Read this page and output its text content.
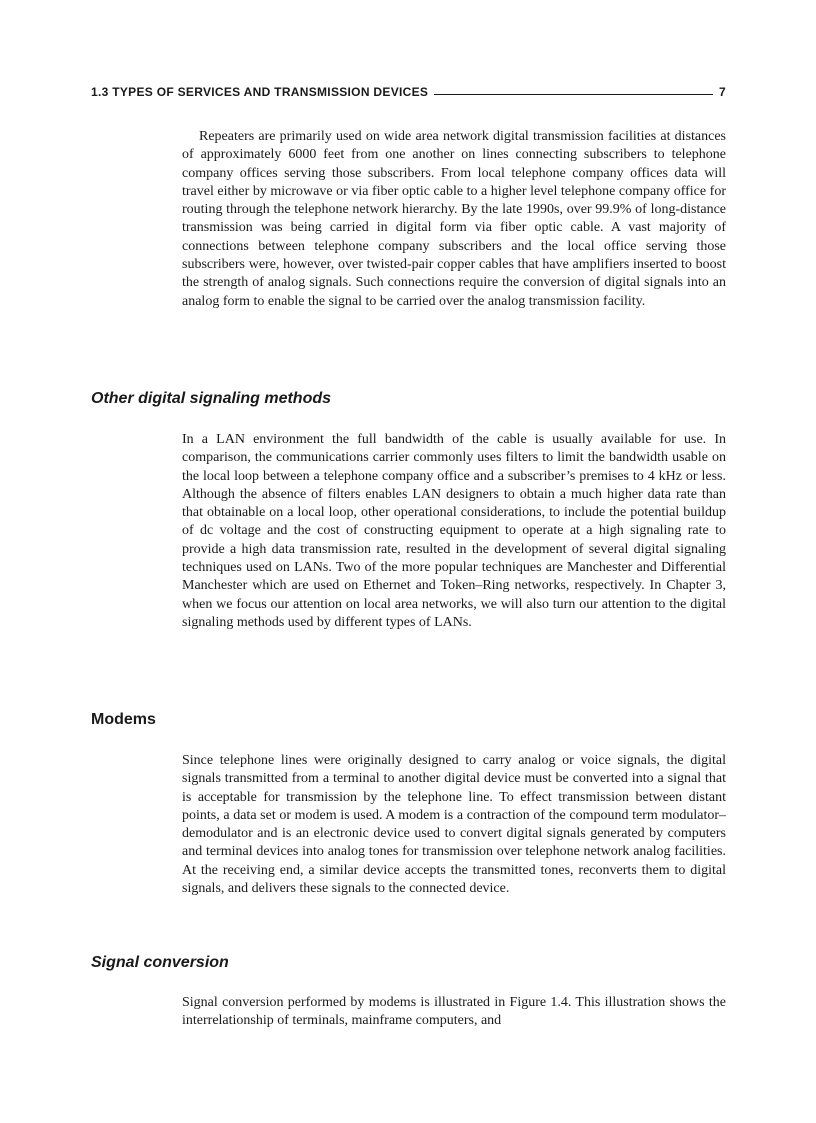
1.3 TYPES OF SERVICES AND TRANSMISSION DEVICES	7

Repeaters are primarily used on wide area network digital transmission facilities at distances of approximately 6000 feet from one another on lines connecting subscribers to telephone company offices serving those subscribers. From local telephone company offices data will travel either by microwave or via fiber optic cable to a higher level telephone company office for routing through the telephone network hierarchy. By the late 1990s, over 99.9% of long-distance transmission was being carried in digital form via fiber optic cable. A vast majority of connections between telephone company subscribers and the local office serving those subscribers were, however, over twisted-pair copper cables that have amplifiers inserted to boost the strength of analog signals. Such connections require the conversion of digital signals into an analog form to enable the signal to be carried over the analog transmission facility.

Other digital signaling methods

In a LAN environment the full bandwidth of the cable is usually available for use. In comparison, the communications carrier commonly uses filters to limit the bandwidth usable on the local loop between a telephone company office and a subscriber’s premises to 4 kHz or less. Although the absence of filters enables LAN designers to obtain a much higher data rate than that obtainable on a local loop, other operational considerations, to include the potential buildup of dc voltage and the cost of constructing equipment to operate at a high signaling rate to provide a high data transmission rate, resulted in the development of several digital signaling techniques used on LANs. Two of the more popular techniques are Manchester and Differential Manchester which are used on Ethernet and Token–Ring networks, respectively. In Chapter 3, when we focus our attention on local area networks, we will also turn our attention to the digital signaling methods used by different types of LANs.

Modems

Since telephone lines were originally designed to carry analog or voice signals, the digital signals transmitted from a terminal to another digital device must be converted into a signal that is acceptable for transmission by the telephone line. To effect transmission between distant points, a data set or modem is used. A modem is a contraction of the compound term modulator–demodulator and is an electronic device used to convert digital signals generated by computers and terminal devices into analog tones for transmission over telephone network analog facilities. At the receiving end, a similar device accepts the transmitted tones, reconverts them to digital signals, and delivers these signals to the connected device.

Signal conversion

Signal conversion performed by modems is illustrated in Figure 1.4. This illustration shows the interrelationship of terminals, mainframe computers, and
